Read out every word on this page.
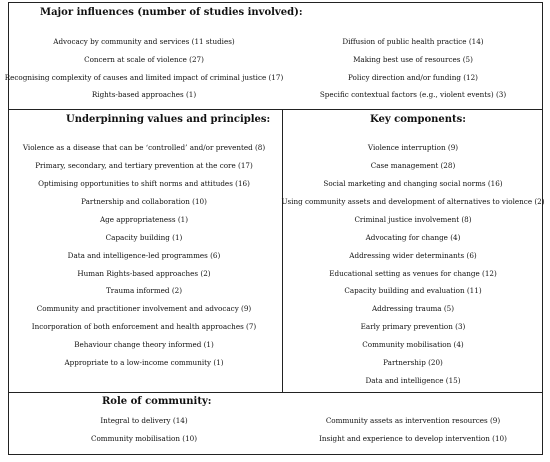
Major influences (number of studies involved):
Advocacy by community and services (11 studies)
Concern at scale of violence (27)
Recognising complexity of causes and limited impact of criminal justice (17)
Rights-based approaches (1)
Diffusion of public health practice (14)
Making best use of resources (5)
Policy direction and/or funding (12)
Specific contextual factors (e.g., violent events) (3)
Underpinning values and principles:
Violence as a disease that can be ‘controlled’ and/or prevented (8)
Primary, secondary, and tertiary prevention at the core (17)
Optimising opportunities to shift norms and attitudes (16)
Partnership and collaboration (10)
Age appropriateness (1)
Capacity building (1)
Data and intelligence-led programmes (6)
Human Rights-based approaches (2)
Trauma informed (2)
Community and practitioner involvement and advocacy (9)
Incorporation of both enforcement and health approaches (7)
Behaviour change theory informed (1)
Appropriate to a low-income community (1)
Key components:
Violence interruption (9)
Case management (28)
Social marketing and changing social norms (16)
Using community assets and development of alternatives to violence (2)
Criminal justice involvement (8)
Advocating for change (4)
Addressing wider determinants (6)
Educational setting as venues for change (12)
Capacity building and evaluation (11)
Addressing trauma (5)
Early primary prevention (3)
Community mobilisation (4)
Partnership (20)
Data and intelligence (15)
Role of community:
Integral to delivery (14)
Community mobilisation (10)
Community assets as intervention resources (9)
Insight and experience to develop intervention (10)
